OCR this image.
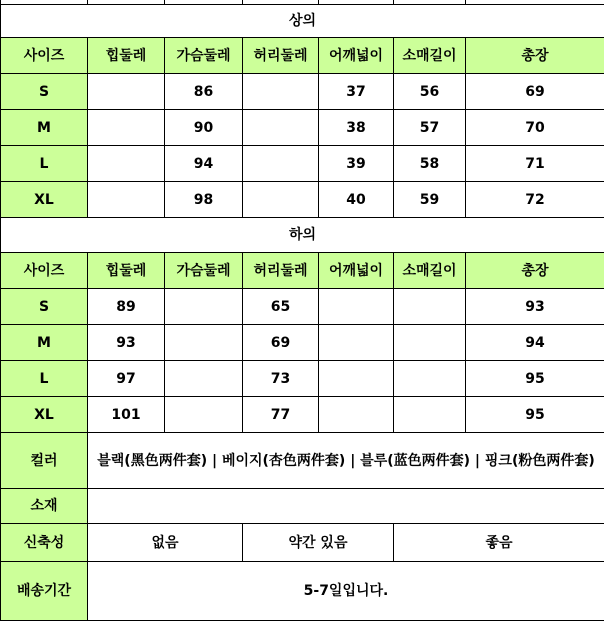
상의						
사이즈	힙둘레	가슴둘레	허리둘레	어깨넓이	소매길이	총장
S		86		37	56	69
M		90		38	57	70
L		94		39	58	71
XL		98		40	59	72
하의						
사이즈	힙둘레	가슴둘레	허리둘레	어깨넓이	소매길이	총장
S	89		65			93
M	93		69			94
L	97		73			95
XL	101		77			95
컬러	블랙(黑色两件套) | 베이지(杏色两件套) | 블루(蓝色两件套) | 핑크(粉色两件套)					
소재						
신축성	없음		약간 있음		좋음	
배송기간	5-7일입니다.					
